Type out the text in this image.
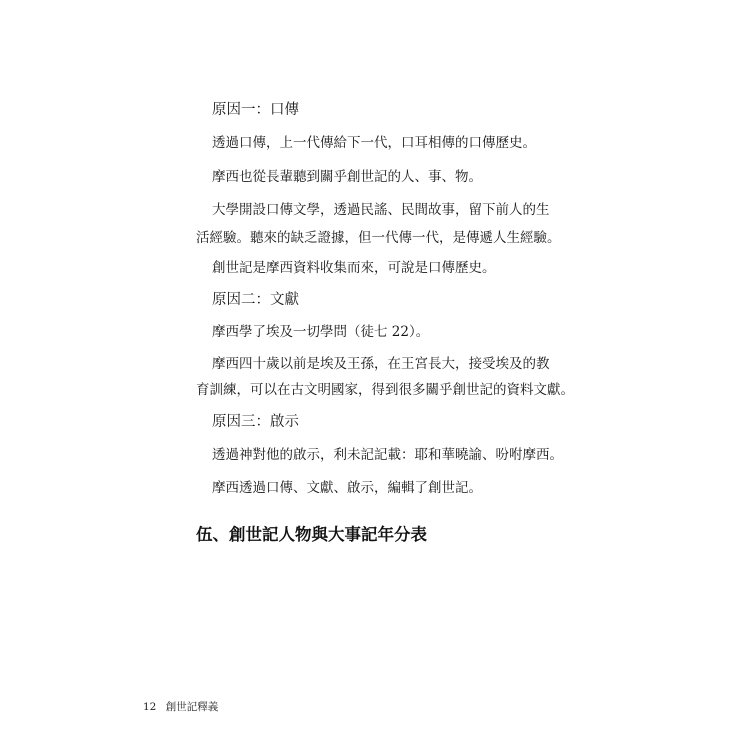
原因一：口傳
透過口傳，上一代傳給下一代，口耳相傳的口傳歷史。
摩西也從長輩聽到關乎創世記的人、事、物。
大學開設口傳文學，透過民謠、民間故事，留下前人的生
活經驗。聽來的缺乏證據，但一代傳一代，是傳遞人生經驗。
創世記是摩西資料收集而來，可說是口傳歷史。
原因二：文獻
摩西學了埃及一切學問（徒七 22）。
摩西四十歲以前是埃及王孫，在王宮長大，接受埃及的教
育訓練，可以在古文明國家，得到很多關乎創世記的資料文獻。
原因三：啟示
透過神對他的啟示，利未記記載：耶和華曉諭、吩咐摩西。
摩西透過口傳、文獻、啟示，編輯了創世記。
伍、創世記人物與大事記年分表
12 創世記釋義
